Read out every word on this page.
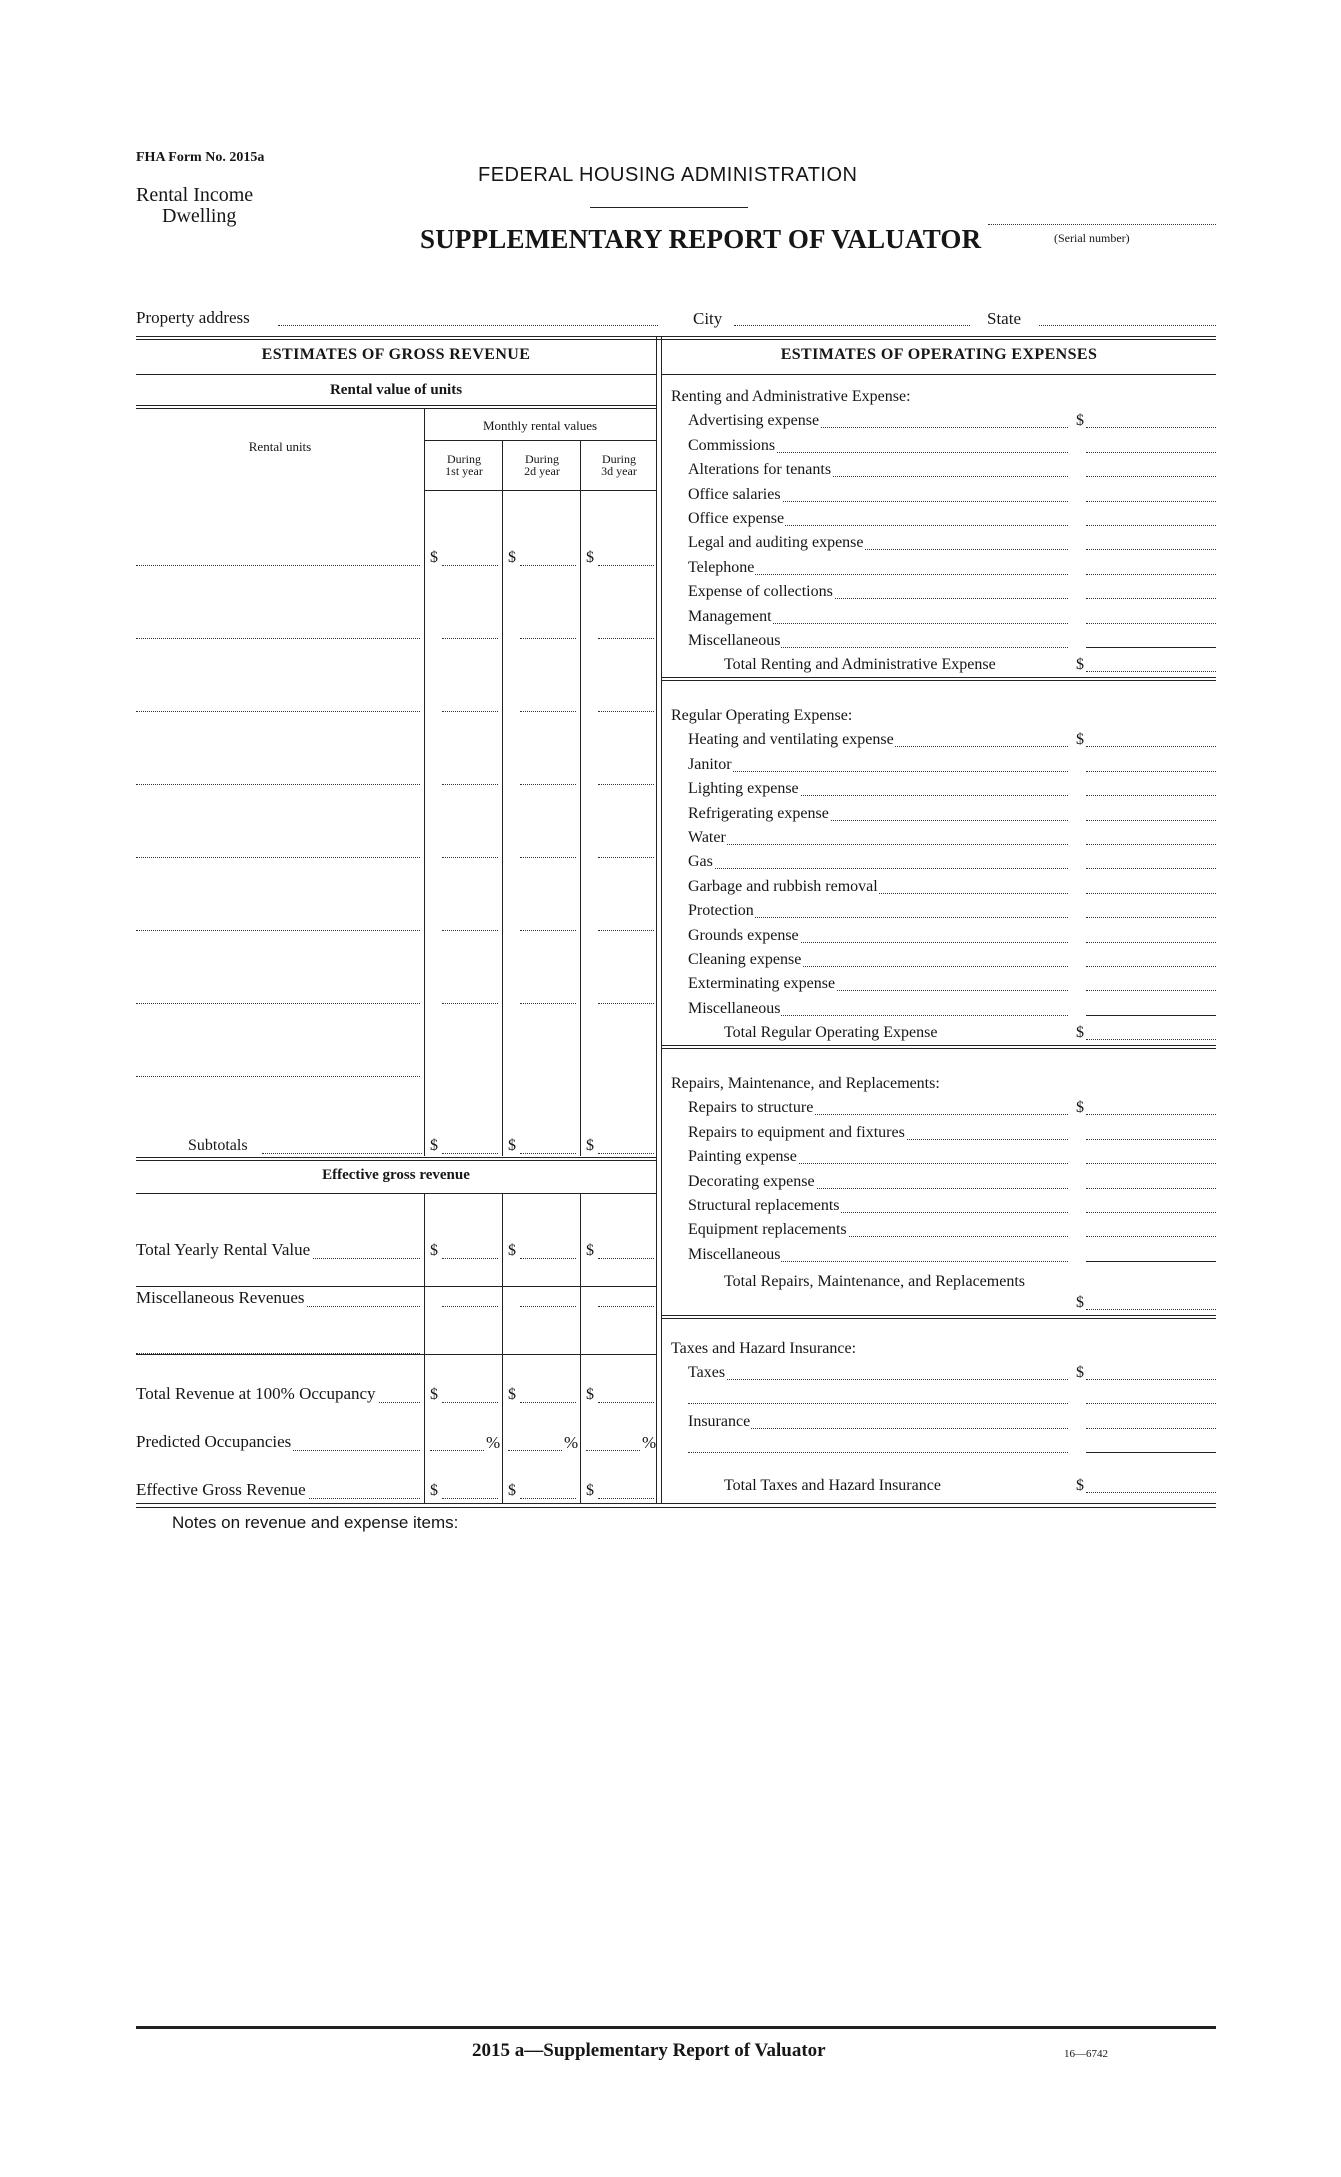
FHA Form No. 2015a
Rental Income
Dwelling
FEDERAL HOUSING ADMINISTRATION
SUPPLEMENTARY REPORT OF VALUATOR	(Serial number)
Property address	City	State
ESTIMATES OF GROSS REVENUE
Rental value of units
Rental units
Monthly rental values
During
1st year
During
2d year
During
3d year
$	$	$
Subtotals	$	$	$
Effective gross revenue
Total Yearly Rental Value	$	$	$
Miscellaneous Revenues
Total Revenue at 100% Occupancy	$	$	$
Predicted Occupancies	%	%	%
Effective Gross Revenue	$	$	$
ESTIMATES OF OPERATING EXPENSES
Renting and Administrative Expense:
Advertising expense	$
Commissions
Alterations for tenants
Office salaries
Office expense
Legal and auditing expense
Telephone
Expense of collections
Management
Miscellaneous
Total Renting and Administrative Expense	$
Regular Operating Expense:
Heating and ventilating expense	$
Janitor
Lighting expense
Refrigerating expense
Water
Gas
Garbage and rubbish removal
Protection
Grounds expense
Cleaning expense
Exterminating expense
Miscellaneous
Total Regular Operating Expense	$
Repairs, Maintenance, and Replacements:
Repairs to structure	$
Repairs to equipment and fixtures
Painting expense
Decorating expense
Structural replacements
Equipment replacements
Miscellaneous
Total Repairs, Maintenance, and Replacements
$
Taxes and Hazard Insurance:
Taxes	$
Insurance
Total Taxes and Hazard Insurance	$
Notes on revenue and expense items:
2015 a—Supplementary Report of Valuator	16—6742
